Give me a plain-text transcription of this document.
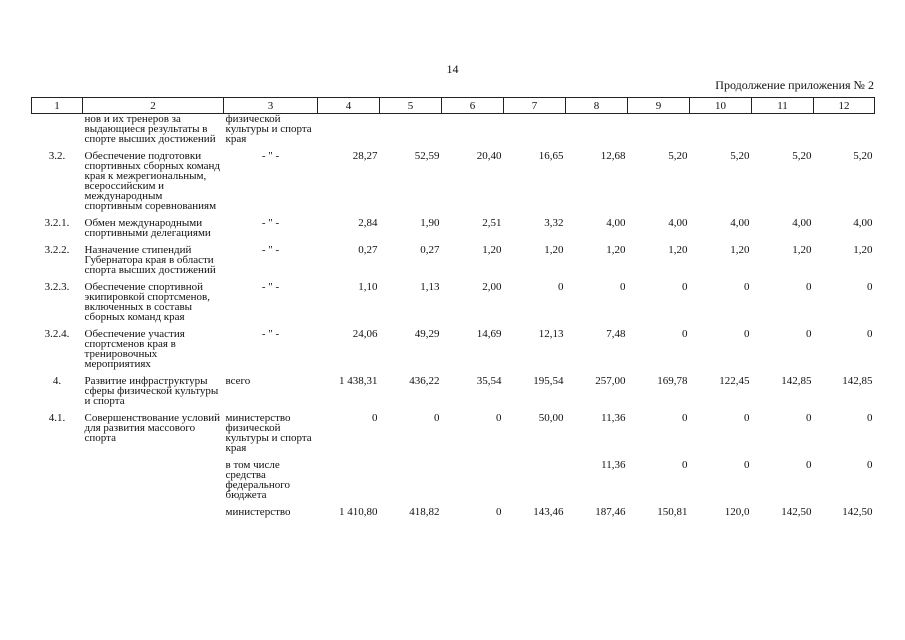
14
Продолжение приложения № 2
1	2	3	4	5	6	7	8	9	10	11	12
	нов и их тренеров за выдающиеся результаты в спорте высших достижений	физической культуры и спорта края									
3.2.	Обеспечение подготовки спортивных сборных команд края к межрегиональным, всероссийским и международным спортивным соревнованиям	- " -	28,27	52,59	20,40	16,65	12,68	5,20	5,20	5,20	5,20
3.2.1.	Обмен международными спортивными делегациями	- " -	2,84	1,90	2,51	3,32	4,00	4,00	4,00	4,00	4,00
3.2.2.	Назначение стипендий Губернатора края в области спорта высших достижений	- " -	0,27	0,27	1,20	1,20	1,20	1,20	1,20	1,20	1,20
3.2.3.	Обеспечение спортивной экипировкой спортсменов, включенных в составы сборных команд края	- " -	1,10	1,13	2,00	0	0	0	0	0	0
3.2.4.	Обеспечение участия спортсменов края в тренировочных мероприятиях	- " -	24,06	49,29	14,69	12,13	7,48	0	0	0	0
4.	Развитие инфраструктуры сферы физической культуры и спорта	всего	1 438,31	436,22	35,54	195,54	257,00	169,78	122,45	142,85	142,85
4.1.	Совершенствование условий для развития массового спорта	министерство физической культуры и спорта края	0	0	0	50,00	11,36	0	0	0	0
		в том числе средства федерального бюджета					11,36	0	0	0	0
		министерство	1 410,80	418,82	0	143,46	187,46	150,81	120,0	142,50	142,50
